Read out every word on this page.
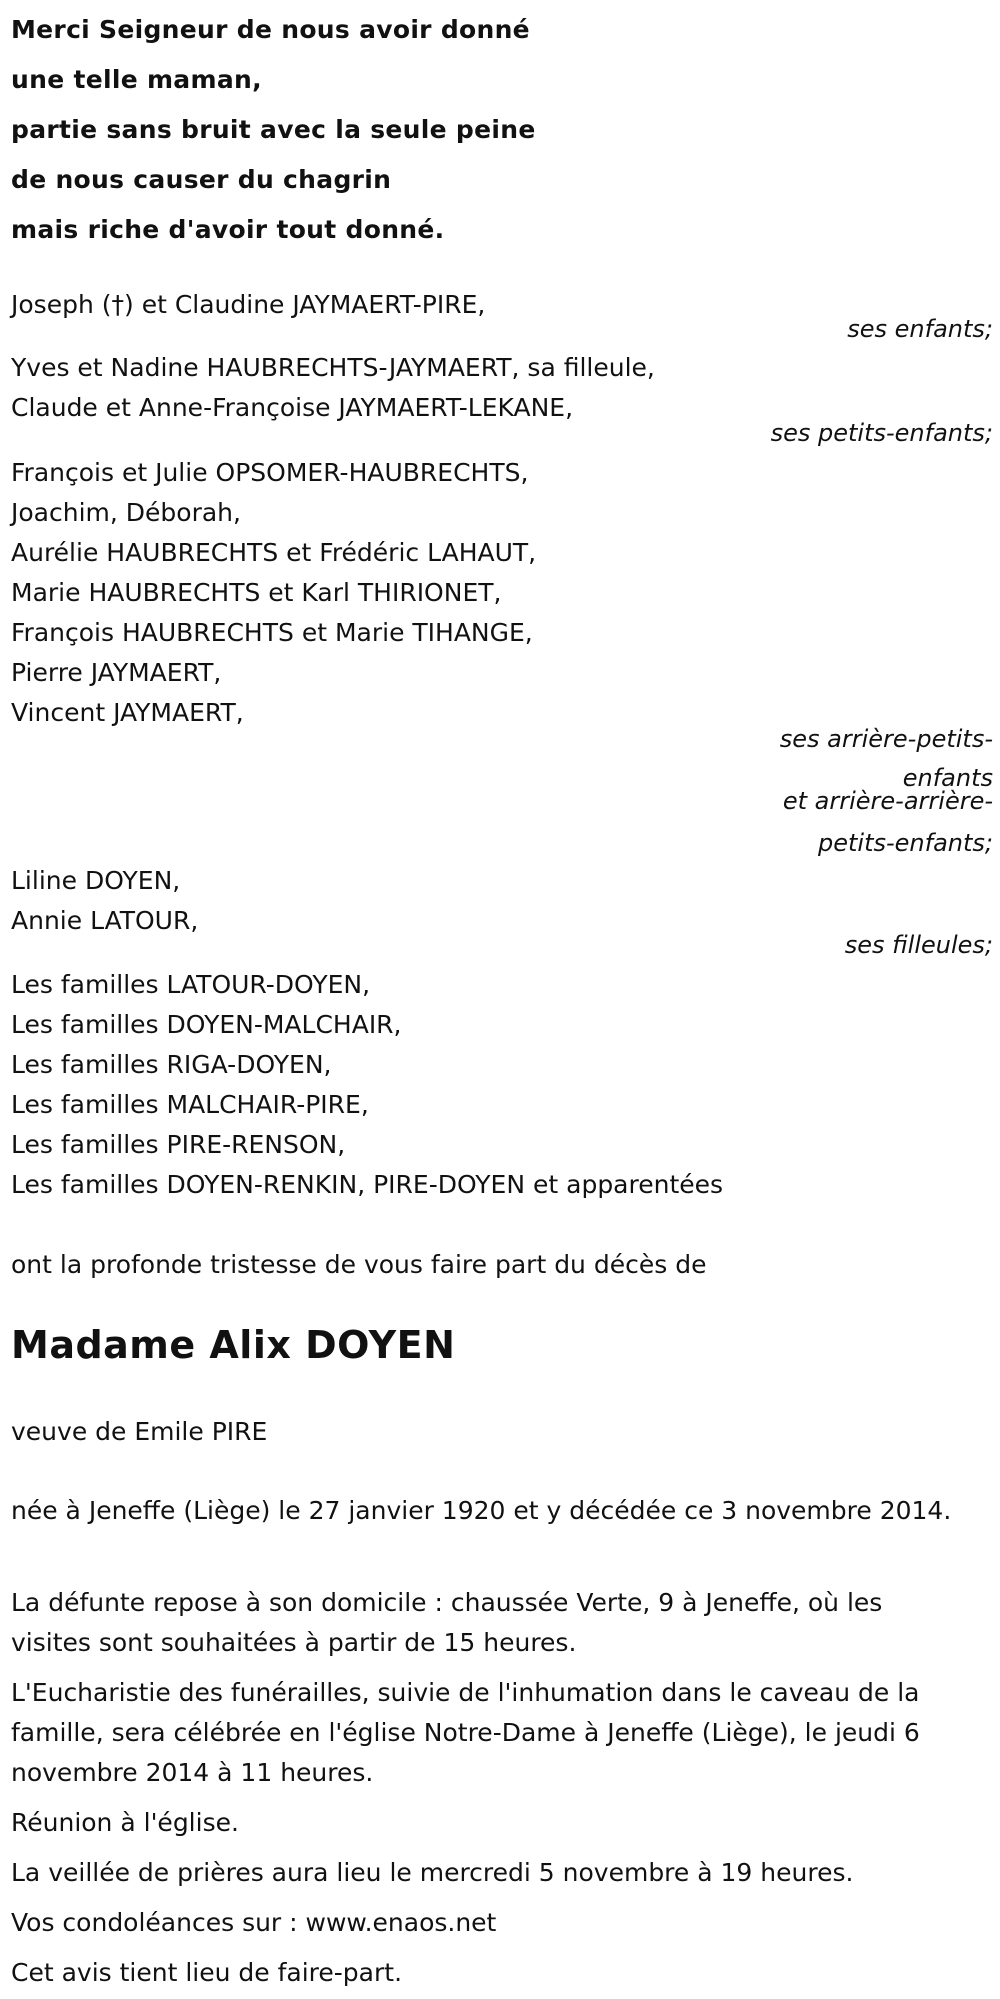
Merci Seigneur de nous avoir donné
une telle maman,
partie sans bruit avec la seule peine
de nous causer du chagrin
mais riche d'avoir tout donné.
Joseph (†) et Claudine JAYMAERT-PIRE,
ses enfants;
Yves et Nadine HAUBRECHTS-JAYMAERT, sa filleule,
Claude et Anne-Françoise JAYMAERT-LEKANE,
ses petits-enfants;
François et Julie OPSOMER-HAUBRECHTS,
Joachim, Déborah,
Aurélie HAUBRECHTS et Frédéric LAHAUT,
Marie HAUBRECHTS et Karl THIRIONET,
François HAUBRECHTS et Marie TIHANGE,
Pierre JAYMAERT,
Vincent JAYMAERT,
ses arrière-petits-
enfants
et arrière-arrière-
petits-enfants;
Liline DOYEN,
Annie LATOUR,
ses filleules;
Les familles LATOUR-DOYEN,
Les familles DOYEN-MALCHAIR,
Les familles RIGA-DOYEN,
Les familles MALCHAIR-PIRE,
Les familles PIRE-RENSON,
Les familles DOYEN-RENKIN, PIRE-DOYEN et apparentées
ont la profonde tristesse de vous faire part du décès de
Madame Alix DOYEN
veuve de Emile PIRE
née à Jeneffe (Liège) le 27 janvier 1920 et y décédée ce 3 novembre 2014.
La défunte repose à son domicile : chaussée Verte, 9 à Jeneffe, où les visites sont souhaitées à partir de 15 heures.
L'Eucharistie des funérailles, suivie de l'inhumation dans le caveau de la famille, sera célébrée en l'église Notre-Dame à Jeneffe (Liège), le jeudi 6 novembre 2014 à 11 heures.
Réunion à l'église.
La veillée de prières aura lieu le mercredi 5 novembre à 19 heures.
Vos condoléances sur : www.enaos.net
Cet avis tient lieu de faire-part.
